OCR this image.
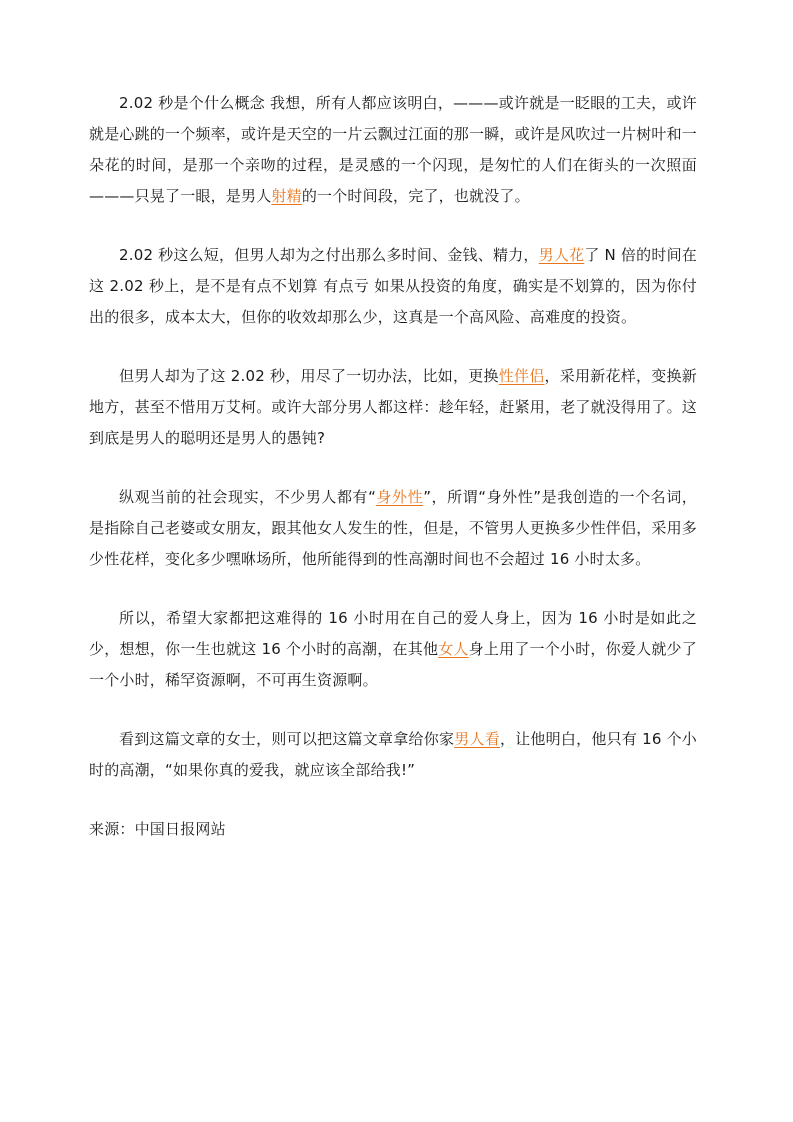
2.02 秒是个什么概念 我想，所有人都应该明白，———或许就是一眨眼的工夫，或许就是心跳的一个频率，或许是天空的一片云飘过江面的那一瞬，或许是风吹过一片树叶和一朵花的时间，是那一个亲吻的过程，是灵感的一个闪现，是匆忙的人们在街头的一次照面———只晃了一眼，是男人射精的一个时间段，完了，也就没了。

2.02 秒这么短，但男人却为之付出那么多时间、金钱、精力，男人花了 N 倍的时间在这 2.02 秒上，是不是有点不划算 有点亏 如果从投资的角度，确实是不划算的，因为你付出的很多，成本太大，但你的收效却那么少，这真是一个高风险、高难度的投资。

但男人却为了这 2.02 秒，用尽了一切办法，比如，更换性伴侣，采用新花样，变换新地方，甚至不惜用万艾柯。或许大部分男人都这样：趁年轻，赶紧用，老了就没得用了。这到底是男人的聪明还是男人的愚钝?

纵观当前的社会现实，不少男人都有“身外性”，所谓“身外性”是我创造的一个名词，是指除自己老婆或女朋友，跟其他女人发生的性，但是，不管男人更换多少性伴侣，采用多少性花样，变化多少嘿咻场所，他所能得到的性高潮时间也不会超过 16 小时太多。

所以，希望大家都把这难得的 16 小时用在自己的爱人身上，因为 16 小时是如此之少，想想，你一生也就这 16 个小时的高潮，在其他女人身上用了一个小时，你爱人就少了一个小时，稀罕资源啊，不可再生资源啊。

看到这篇文章的女士，则可以把这篇文章拿给你家男人看，让他明白，他只有 16 个小时的高潮，“如果你真的爱我，就应该全部给我!”

来源：中国日报网站
